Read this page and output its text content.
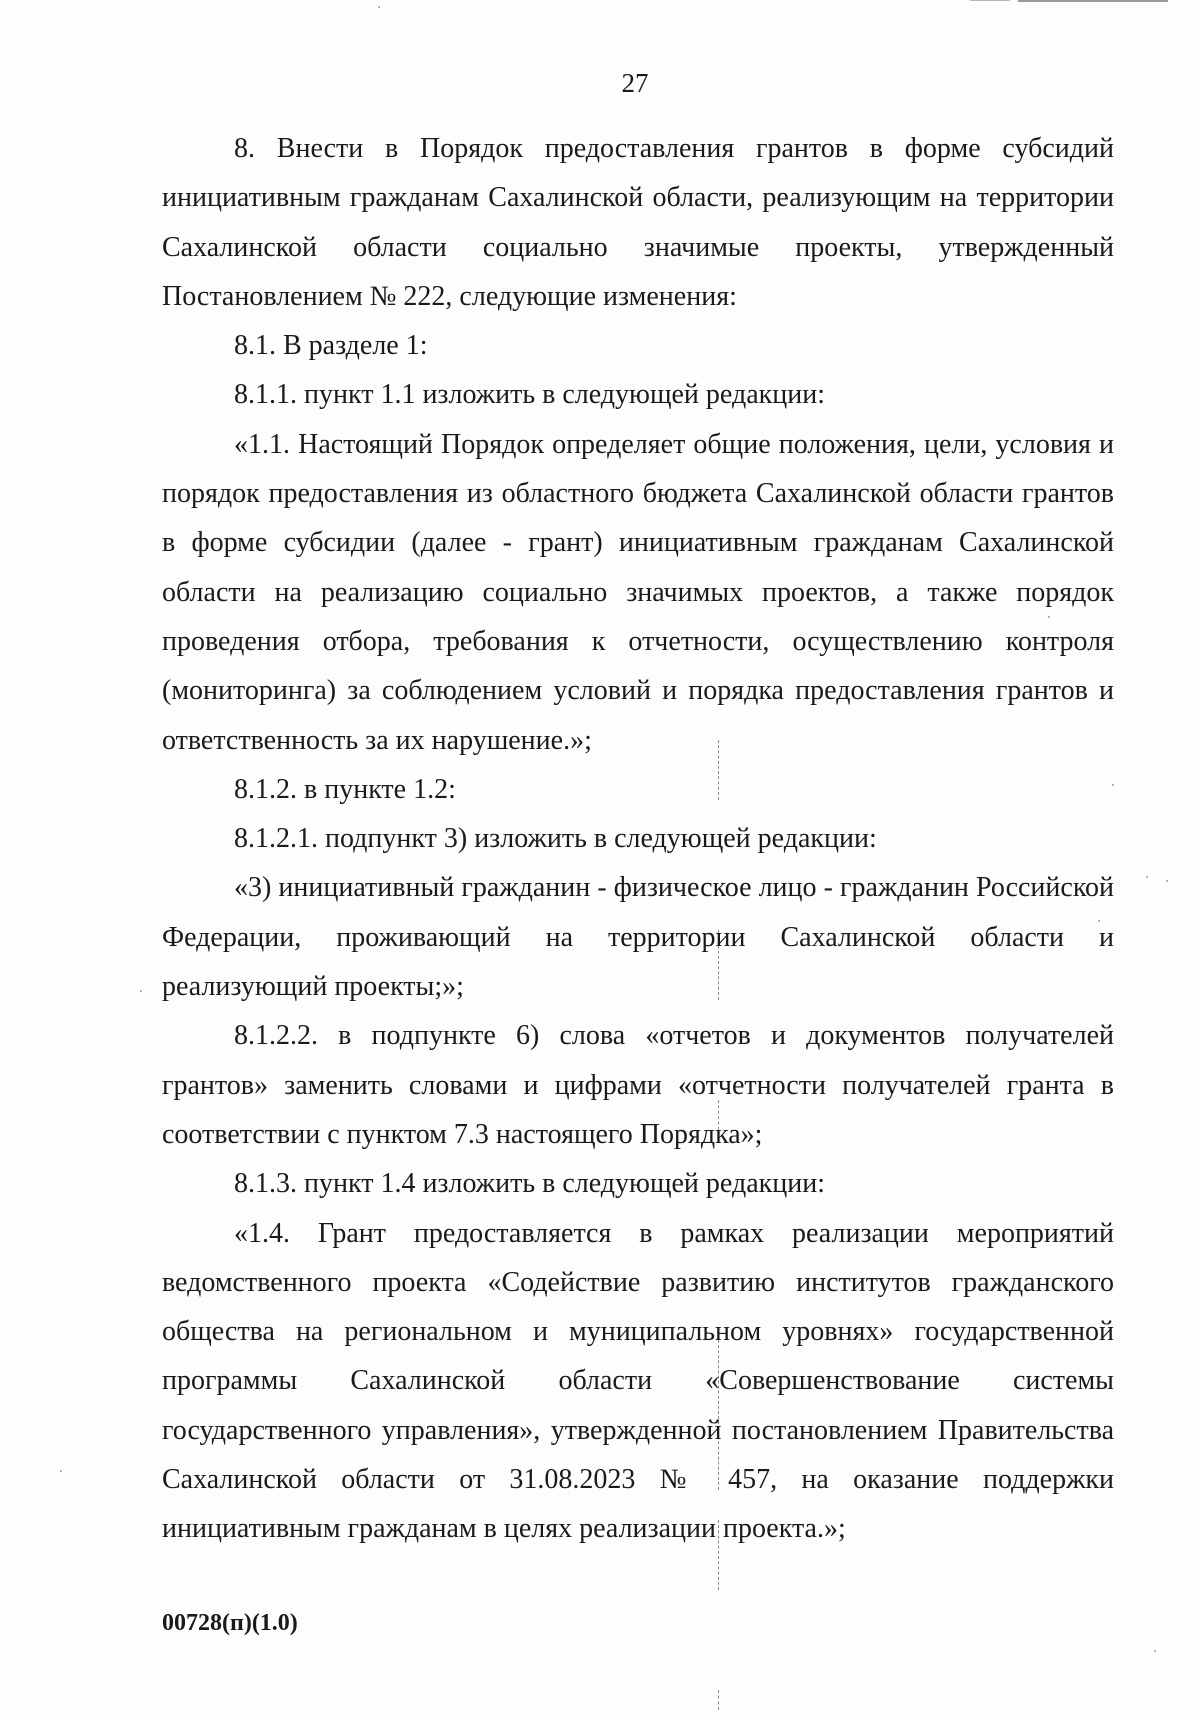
27

8. Внести в Порядок предоставления грантов в форме субсидий инициативным гражданам Сахалинской области, реализующим на территории Сахалинской области социально значимые проекты, утвержденный Постановлением № 222, следующие изменения:

8.1. В разделе 1:

8.1.1. пункт 1.1 изложить в следующей редакции:

«1.1. Настоящий Порядок определяет общие положения, цели, условия и порядок предоставления из областного бюджета Сахалинской области грантов в форме субсидии (далее - грант) инициативным гражданам Сахалинской области на реализацию социально значимых проектов, а также порядок проведения отбора, требования к отчетности, осуществлению контроля (мониторинга) за соблюдением условий и порядка предоставления грантов и ответственность за их нарушение.»;

8.1.2. в пункте 1.2:

8.1.2.1. подпункт 3) изложить в следующей редакции:

«3) инициативный гражданин - физическое лицо - гражданин Российской Федерации, проживающий на территории Сахалинской области и реализующий проекты;»;

8.1.2.2. в подпункте 6) слова «отчетов и документов получателей грантов» заменить словами и цифрами «отчетности получателей гранта в соответствии с пунктом 7.3 настоящего Порядка»;

8.1.3. пункт 1.4 изложить в следующей редакции:

«1.4. Грант предоставляется в рамках реализации мероприятий ведомственного проекта «Содействие развитию институтов гражданского общества на региональном и муниципальном уровнях» государственной программы Сахалинской области «Совершенствование системы государственного управления», утвержденной постановлением Правительства Сахалинской области от 31.08.2023 № 457, на оказание поддержки инициативным гражданам в целях реализации проекта.»;

00728(п)(1.0)
